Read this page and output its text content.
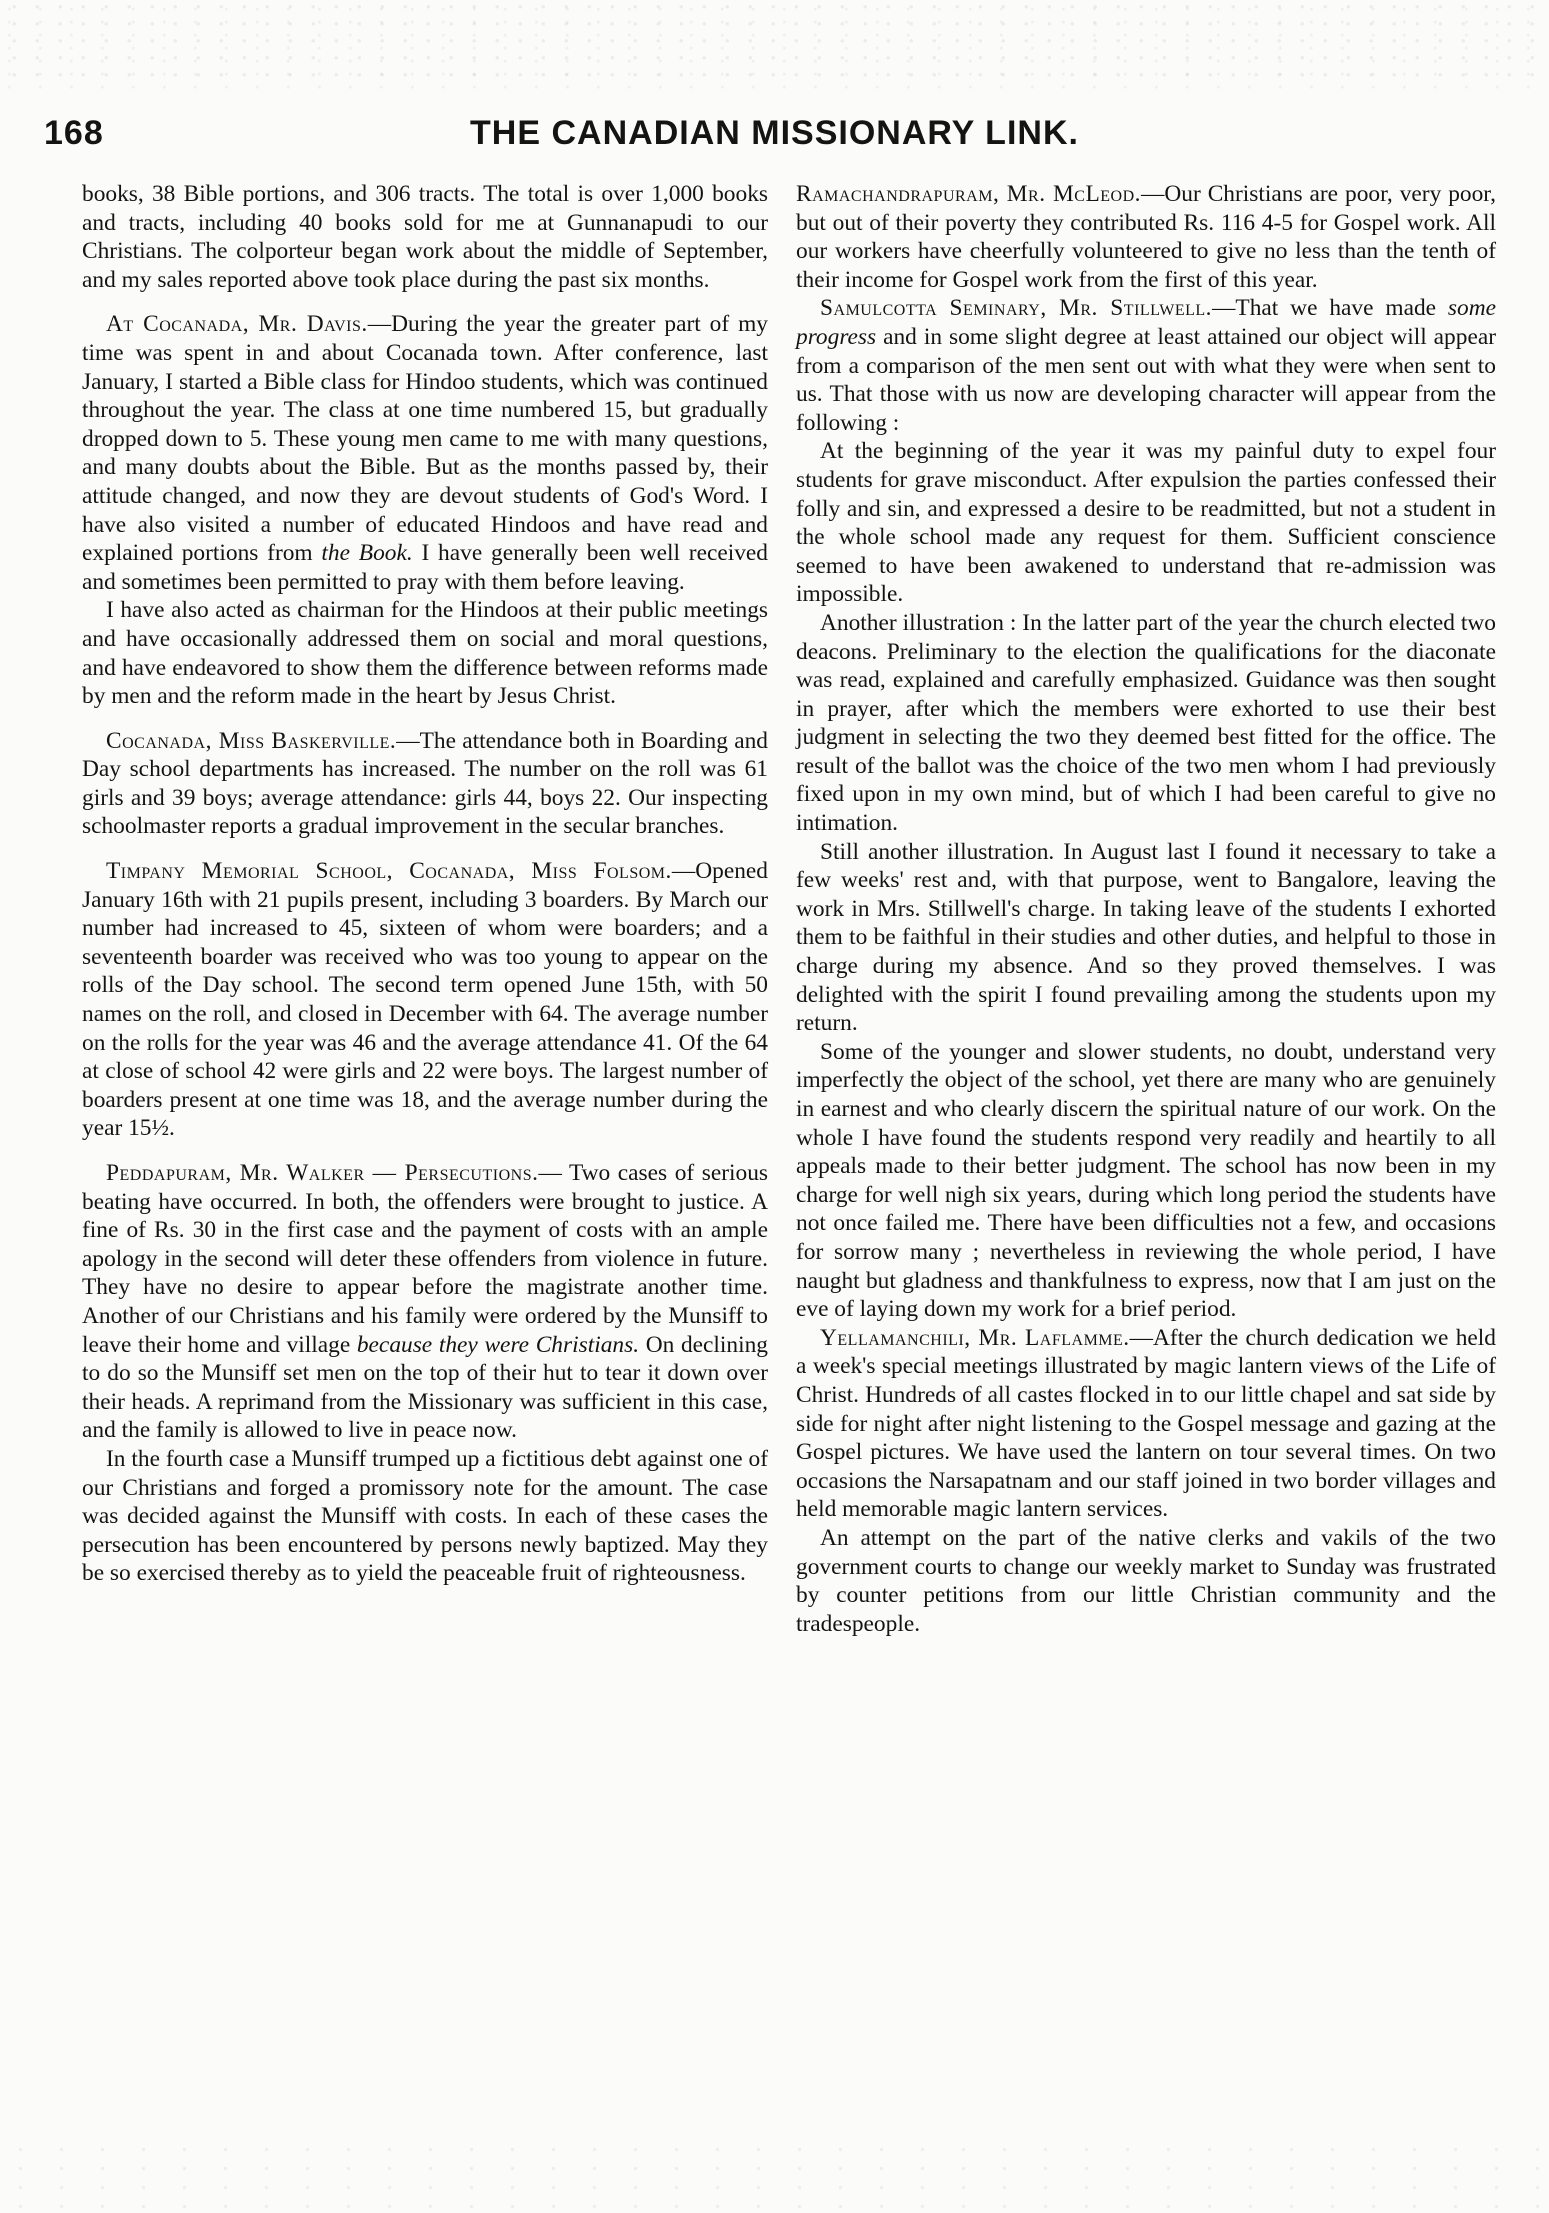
168	THE CANADIAN MISSIONARY LINK.

books, 38 Bible portions, and 306 tracts. The total is over 1,000 books and tracts, including 40 books sold for me at Gunnanapudi to our Christians. The colporteur began work about the middle of September, and my sales reported above took place during the past six months.

At Cocanada, Mr. Davis.—During the year the greater part of my time was spent in and about Cocanada town. After conference, last January, I started a Bible class for Hindoo students, which was continued throughout the year. The class at one time numbered 15, but gradually dropped down to 5. These young men came to me with many questions, and many doubts about the Bible. But as the months passed by, their attitude changed, and now they are devout students of God's Word. I have also visited a number of educated Hindoos and have read and explained portions from the Book. I have generally been well received and sometimes been permitted to pray with them before leaving.

I have also acted as chairman for the Hindoos at their public meetings and have occasionally addressed them on social and moral questions, and have endeavored to show them the difference between reforms made by men and the reform made in the heart by Jesus Christ.

Cocanada, Miss Baskerville.—The attendance both in Boarding and Day school departments has increased. The number on the roll was 61 girls and 39 boys; average attendance: girls 44, boys 22. Our inspecting schoolmaster reports a gradual improvement in the secular branches.

Timpany Memorial School, Cocanada, Miss Folsom.—Opened January 16th with 21 pupils present, including 3 boarders. By March our number had increased to 45, sixteen of whom were boarders; and a seventeenth boarder was received who was too young to appear on the rolls of the Day school. The second term opened June 15th, with 50 names on the roll, and closed in December with 64. The average number on the rolls for the year was 46 and the average attendance 41. Of the 64 at close of school 42 were girls and 22 were boys. The largest number of boarders present at one time was 18, and the average number during the year 15½.

Peddapuram, Mr. Walker — Persecutions.— Two cases of serious beating have occurred. In both, the offenders were brought to justice. A fine of Rs. 30 in the first case and the payment of costs with an ample apology in the second will deter these offenders from violence in future. They have no desire to appear before the magistrate another time. Another of our Christians and his family were ordered by the Munsiff to leave their home and village because they were Christians. On declining to do so the Munsiff set men on the top of their hut to tear it down over their heads. A reprimand from the Missionary was sufficient in this case, and the family is allowed to live in peace now.

In the fourth case a Munsiff trumped up a fictitious debt against one of our Christians and forged a promissory note for the amount. The case was decided against the Munsiff with costs. In each of these cases the persecution has been encountered by persons newly baptized. May they be so exercised thereby as to yield the peaceable fruit of righteousness.

Ramachandrapuram, Mr. McLeod.—Our Christians are poor, very poor, but out of their poverty they contributed Rs. 116 4-5 for Gospel work. All our workers have cheerfully volunteered to give no less than the tenth of their income for Gospel work from the first of this year.

Samulcotta Seminary, Mr. Stillwell.—That we have made some progress and in some slight degree at least attained our object will appear from a comparison of the men sent out with what they were when sent to us. That those with us now are developing character will appear from the following :

At the beginning of the year it was my painful duty to expel four students for grave misconduct. After expulsion the parties confessed their folly and sin, and expressed a desire to be readmitted, but not a student in the whole school made any request for them. Sufficient conscience seemed to have been awakened to understand that re-admission was impossible.

Another illustration : In the latter part of the year the church elected two deacons. Preliminary to the election the qualifications for the diaconate was read, explained and carefully emphasized. Guidance was then sought in prayer, after which the members were exhorted to use their best judgment in selecting the two they deemed best fitted for the office. The result of the ballot was the choice of the two men whom I had previously fixed upon in my own mind, but of which I had been careful to give no intimation.

Still another illustration. In August last I found it necessary to take a few weeks' rest and, with that purpose, went to Bangalore, leaving the work in Mrs. Stillwell's charge. In taking leave of the students I exhorted them to be faithful in their studies and other duties, and helpful to those in charge during my absence. And so they proved themselves. I was delighted with the spirit I found prevailing among the students upon my return.

Some of the younger and slower students, no doubt, understand very imperfectly the object of the school, yet there are many who are genuinely in earnest and who clearly discern the spiritual nature of our work. On the whole I have found the students respond very readily and heartily to all appeals made to their better judgment. The school has now been in my charge for well nigh six years, during which long period the students have not once failed me. There have been difficulties not a few, and occasions for sorrow many ; nevertheless in reviewing the whole period, I have naught but gladness and thankfulness to express, now that I am just on the eve of laying down my work for a brief period.

Yellamanchili, Mr. Laflamme.—After the church dedication we held a week's special meetings illustrated by magic lantern views of the Life of Christ. Hundreds of all castes flocked in to our little chapel and sat side by side for night after night listening to the Gospel message and gazing at the Gospel pictures. We have used the lantern on tour several times. On two occasions the Narsapatnam and our staff joined in two border villages and held memorable magic lantern services.

An attempt on the part of the native clerks and vakils of the two government courts to change our weekly market to Sunday was frustrated by counter petitions from our little Christian community and the tradespeople.
